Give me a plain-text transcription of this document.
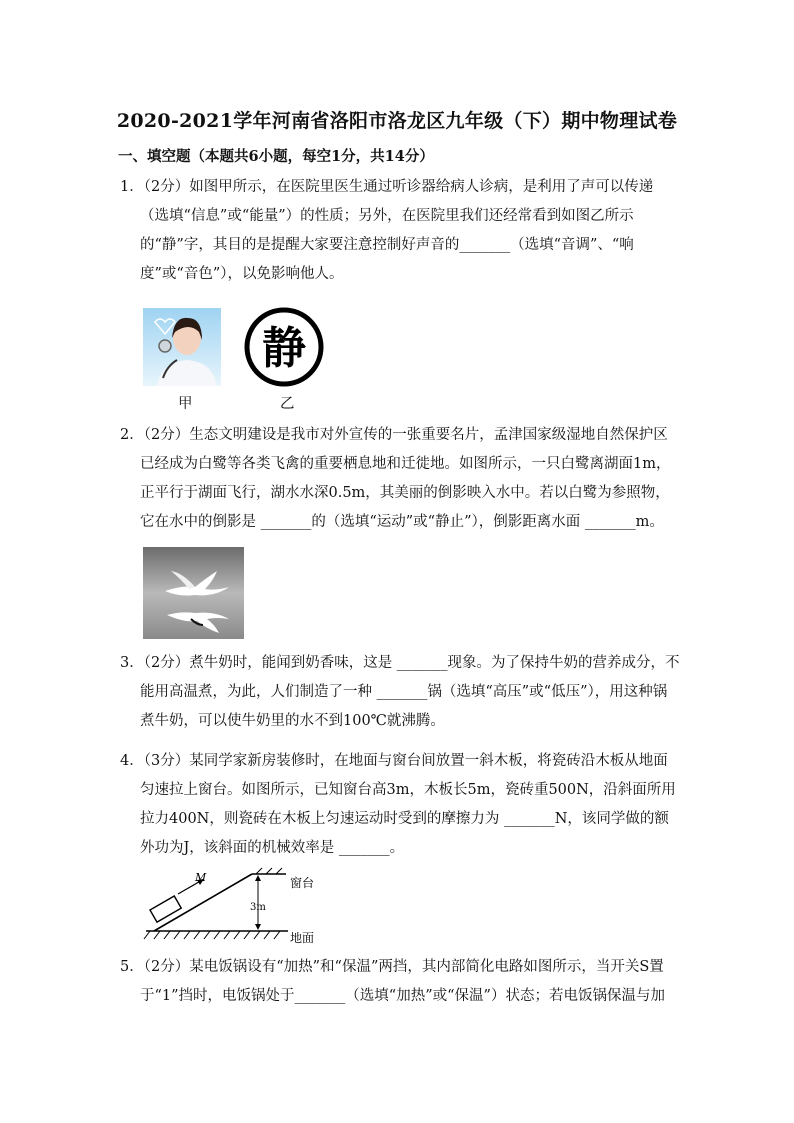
2020-2021学年河南省洛阳市洛龙区九年级（下）期中物理试卷
一、填空题（本题共6小题，每空1分，共14分）

1．（2分）如图甲所示，在医院里医生通过听诊器给病人诊病，是利用了声可以传递（选填“信息”或“能量”）的性质；另外，在医院里我们还经常看到如图乙所示的“静”字，其目的是提醒大家要注意控制好声音的_______（选填“音调”、“响度”或“音色”），以免影响他人。

静
甲	乙

2．（2分）生态文明建设是我市对外宣传的一张重要名片，孟津国家级湿地自然保护区已经成为白鹭等各类飞禽的重要栖息地和迁徙地。如图所示，一只白鹭离湖面1m，正平行于湖面飞行，湖水水深0.5m，其美丽的倒影映入水中。若以白鹭为参照物，它在水中的倒影是 _______的（选填“运动”或“静止”），倒影距离水面 _______m。

3．（2分）煮牛奶时，能闻到奶香味，这是 _______现象。为了保持牛奶的营养成分，不能用高温煮，为此，人们制造了一种 _______锅（选填“高压”或“低压”），用这种锅煮牛奶，可以使牛奶里的水不到100℃就沸腾。

4．（3分）某同学家新房装修时，在地面与窗台间放置一斜木板，将瓷砖沿木板从地面匀速拉上窗台。如图所示，已知窗台高3m，木板长5m，瓷砖重500N，沿斜面所用拉力400N，则瓷砖在木板上匀速运动时受到的摩擦力为 _______N，该同学做的额外功为J，该斜面的机械效率是 _______。

M
3m
窗台
地面

5．（2分）某电饭锅设有“加热”和“保温”两挡，其内部简化电路如图所示，当开关S置于“1”挡时，电饭锅处于_______（选填“加热”或“保温”）状态；若电饭锅保温与加
